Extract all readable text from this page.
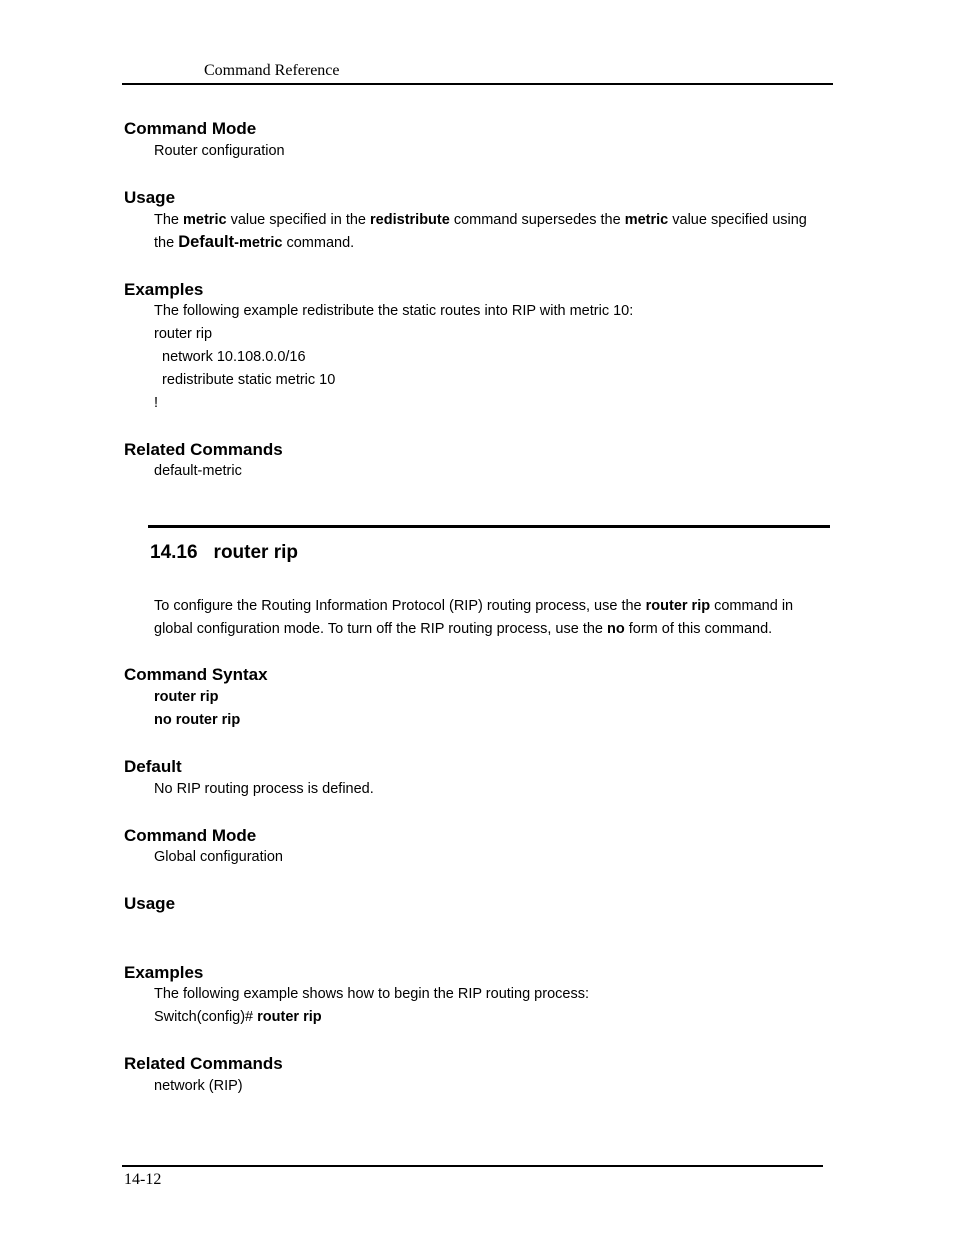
Command Reference
Command Mode
Router configuration
Usage
The metric value specified in the redistribute command supersedes the metric value specified using
the Default-metric command.
Examples
The following example redistribute the static routes into RIP with metric 10:
router rip
network 10.108.0.0/16
redistribute static metric 10
!
Related Commands
default-metric
14.16 router rip
To configure the Routing Information Protocol (RIP) routing process, use the router rip command in
global configuration mode. To turn off the RIP routing process, use the no form of this command.
Command Syntax
router rip
no router rip
Default
No RIP routing process is defined.
Command Mode
Global configuration
Usage
Examples
The following example shows how to begin the RIP routing process:
Switch(config)# router rip
Related Commands
network (RIP)
14-12
